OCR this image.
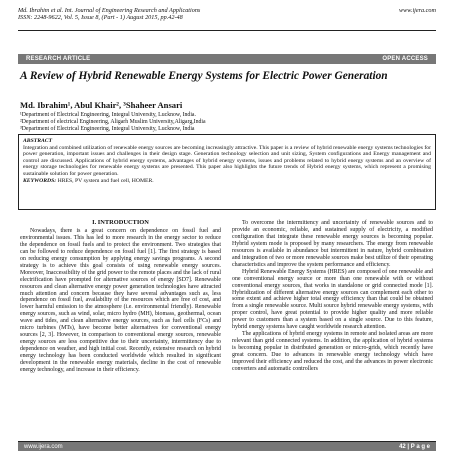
Md. Ibrahim et al. Int. Journal of Engineering Research and Applications	www.ijera.com
ISSN: 2248-9622, Vol. 5, Issue 8, (Part - 1) August 2015, pp.42-48
RESEARCH ARTICLE	OPEN ACCESS
A Review of Hybrid Renewable Energy Systems for Electric Power Generation
Md. Ibrahim¹, Abul Khair², ³Shaheer Ansari
¹Department of Electrical Engineering, Integral University, Lucknow, India.
²Department of electrical Engineering, Aligarh Muslim University,Aligarg,India
³Department of Electrical Engineering, Integral University, Lucknow, India
ABSTRACT
Integration and combined utilization of renewable energy sources are becoming increasingly attractive. This paper is a review of hybrid renewable energy systems technologies for power generation, important issues and challenges in their design stage. Generation technology selection and unit sizing, System configurations and Energy management and control are discussed. Applications of hybrid energy systems, advantages of hybrid energy systems, issues and problems related to hybrid energy systems and an overview of energy storage technologies for renewable energy systems are presented. This paper also highlights the future trends of Hybrid energy systems, which represent a promising sustainable solution for power generation.
KEYWORDS: HRES, PV system and fuel cell, HOMER.
I. INTRODUCTION

Nowadays, there is a great concern on dependence on fossil fuel and environmental issues. This has led to more research in the energy sector to reduce the dependence on fossil fuels and to protect the environment. Two strategies that can be followed to reduce dependence on fossil fuel [1]. The first strategy is based on reducing energy consumption by applying energy savings programs. A second strategy is to achieve this goal consists of using renewable energy sources. Moreover, Inaccessibility of the grid power to the remote places and the lack of rural electrification have prompted for alternative sources of energy [SD7]. Renewable resources and clean alternative energy power generation technologies have attracted much attention and concern because they have several advantages such as, less dependence on fossil fuel, availability of the resources which are free of cost, and lower harmful emission to the atmosphere (i.e. environmental friendly). Renewable energy sources, such as wind, solar, micro hydro (MH), biomass, geothermal, ocean wave and tides, and clean alternative energy sources, such as fuel cells (FCs) and micro turbines (MTs), have become better alternatives for conventional energy sources [2, 3]. However, in comparison to conventional energy sources, renewable energy sources are less competitive due to their uncertainty, intermittency due to dependence on weather, and high initial cost. Recently, extensive research on hybrid energy technology has been conducted worldwide which resulted in significant development in the renewable energy materials, decline in the cost of renewable energy technology, and increase in their efficiency.

To overcome the intermittency and uncertainty of renewable sources and to provide an economic, reliable, and sustained supply of electricity, a modified configuration that integrate these renewable energy sources is becoming popular. Hybrid system mode is proposed by many researchers. The energy from renewable resources is available in abundance but intermittent in nature, hybrid combination and integration of two or more renewable sources make best utilize of their operating characteristics and improve the system performance and efficiency.

Hybrid Renewable Energy Systems (HRES) are composed of one renewable and one conventional energy source or more than one renewable with or without conventional energy sources, that works in standalone or grid connected mode [1]. Hybridization of different alternative energy sources can complement each other to some extent and achieve higher total energy efficiency than that could be obtained from a single renewable source. Multi source hybrid renewable energy systems, with proper control, have great potential to provide higher quality and more reliable power to customers than a system based on a single source. Due to this feature, hybrid energy systems have caught worldwide research attention.

The applications of hybrid energy systems in remote and isolated areas are more relevant than grid connected systems. In addition, the application of hybrid systems is becoming popular in distributed generation or micro-grids, which recently have great concern. Due to advances in renewable energy technology which have improved their efficiency and reduced the cost, and the advances in power electronic converters and automatic controllers

www.ijera.com	42 | P a g e
